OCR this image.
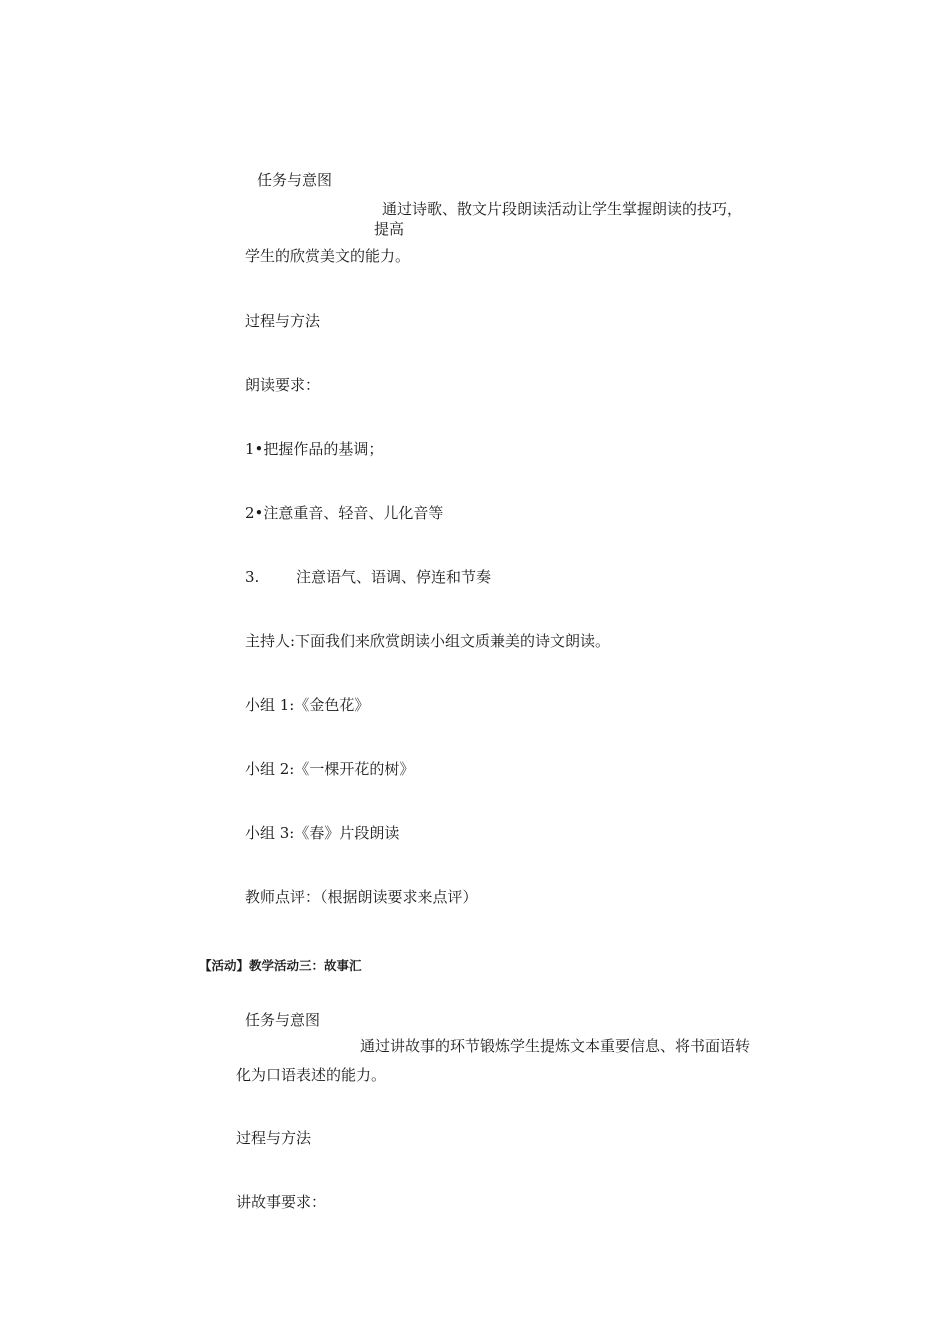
任务与意图

通过诗歌、散文片段朗读活动让学生掌握朗读的技巧，

提高

学生的欣赏美文的能力。

过程与方法

朗读要求：

1•把握作品的基调；

2•注意重音、轻音、儿化音等

3. 注意语气、语调、停连和节奏

主持人:下面我们来欣赏朗读小组文质兼美的诗文朗读。

小组 1:《金色花》

小组 2:《一棵开花的树》

小组 3:《春》片段朗读

教师点评：（根据朗读要求来点评）

【活动】教学活动三：故事汇

任务与意图

通过讲故事的环节锻炼学生提炼文本重要信息、将书面语转

化为口语表述的能力。

过程与方法

讲故事要求：
